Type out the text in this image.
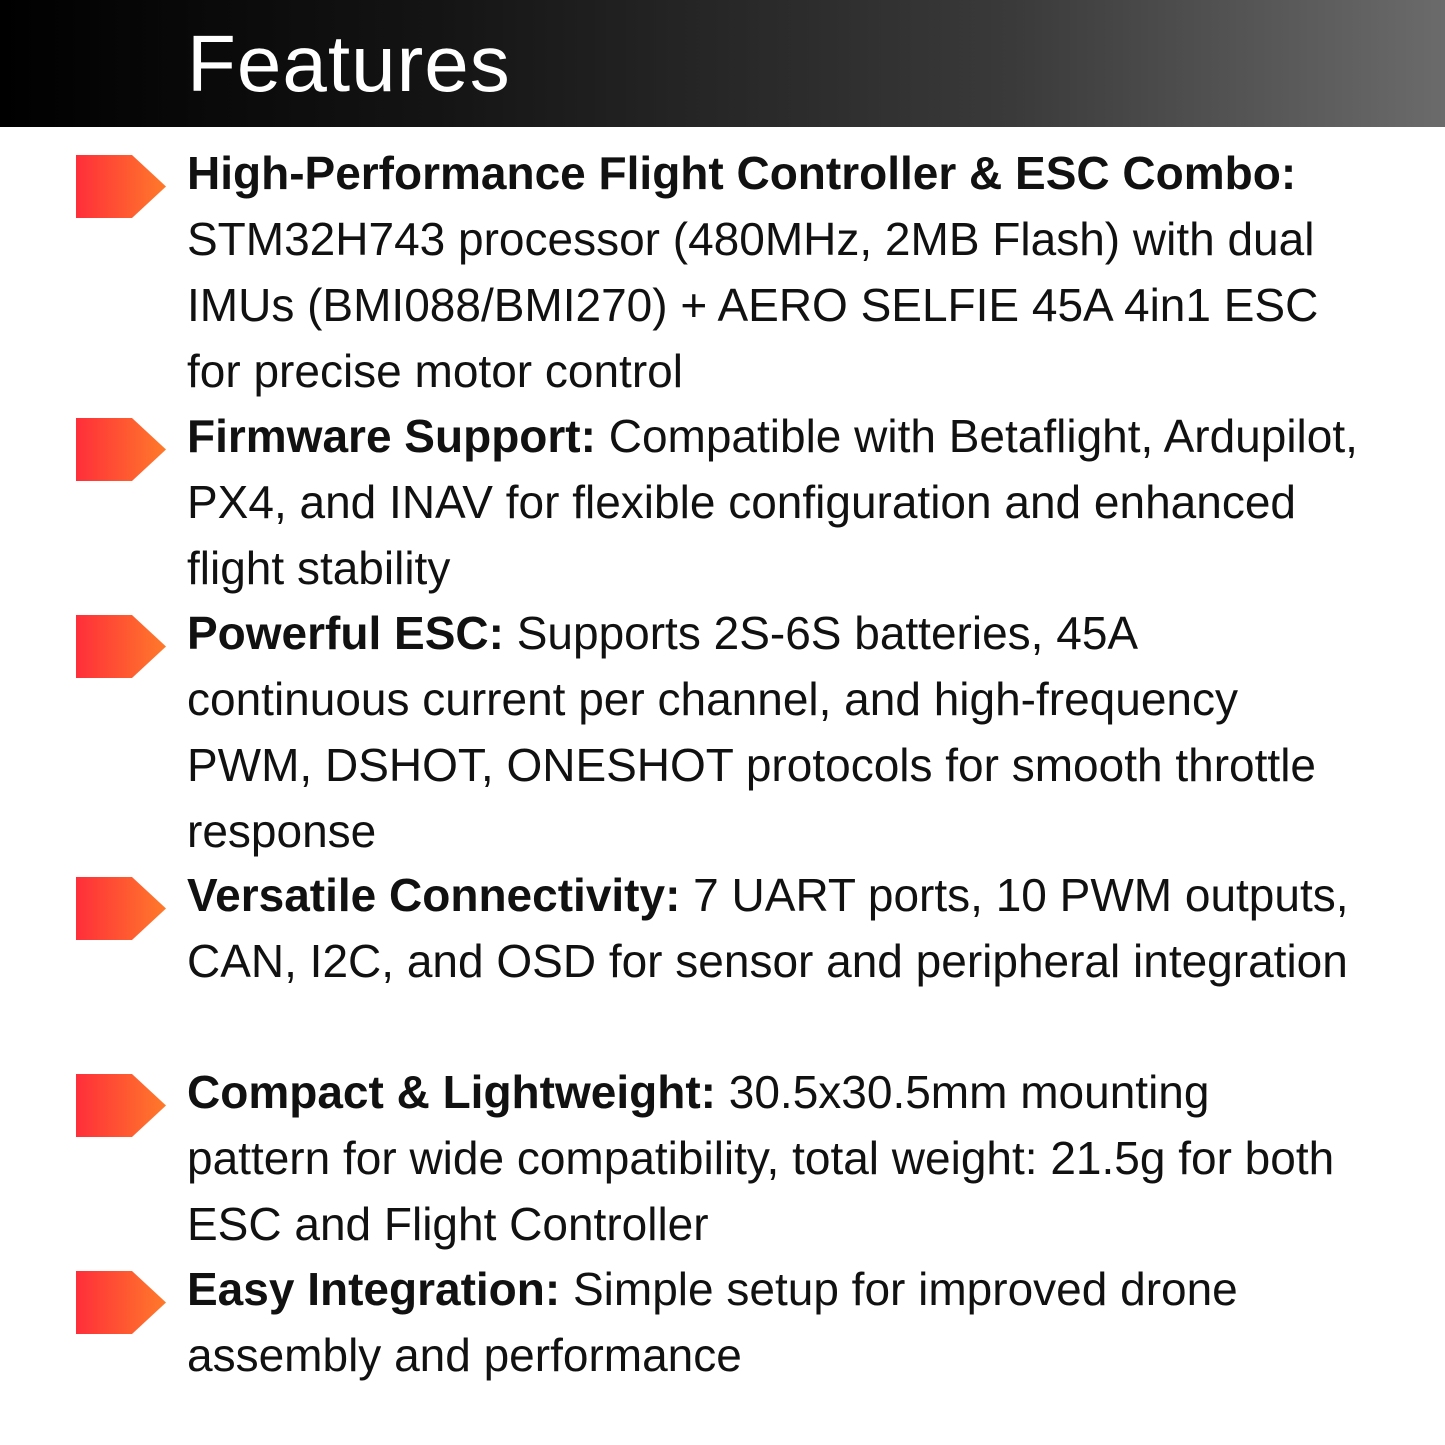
Features

High-Performance Flight Controller & ESC Combo: STM32H743 processor (480MHz, 2MB Flash) with dual IMUs (BMI088/BMI270) + AERO SELFIE 45A 4in1 ESC for precise motor control

Firmware Support: Compatible with Betaflight, Ardupilot, PX4, and INAV for flexible configuration and enhanced flight stability

Powerful ESC: Supports 2S-6S batteries, 45A continuous current per channel, and high-frequency PWM, DSHOT, ONESHOT protocols for smooth throttle response

Versatile Connectivity: 7 UART ports, 10 PWM outputs, CAN, I2C, and OSD for sensor and peripheral integration

Compact & Lightweight: 30.5x30.5mm mounting pattern for wide compatibility, total weight: 21.5g for both ESC and Flight Controller

Easy Integration: Simple setup for improved drone assembly and performance
